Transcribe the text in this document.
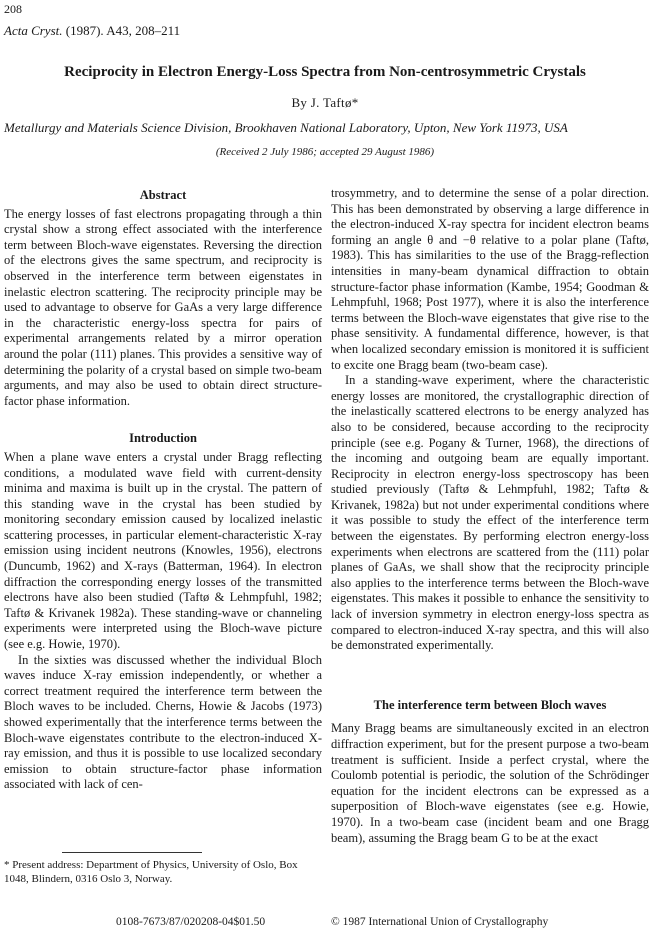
208
Acta Cryst. (1987). A43, 208–211
Reciprocity in Electron Energy-Loss Spectra from Non-centrosymmetric Crystals
By J. Taftø*
Metallurgy and Materials Science Division, Brookhaven National Laboratory, Upton, New York 11973, USA
(Received 2 July 1986; accepted 29 August 1986)
Abstract

The energy losses of fast electrons propagating through a thin crystal show a strong effect associated with the interference term between Bloch-wave eigenstates. Reversing the direction of the electrons gives the same spectrum, and reciprocity is observed in the interference term between eigenstates in inelastic electron scattering. The reciprocity principle may be used to advantage to observe for GaAs a very large difference in the characteristic energy-loss spectra for pairs of experimental arrangements related by a mirror operation around the polar (111) planes. This provides a sensitive way of determining the polarity of a crystal based on simple two-beam arguments, and may also be used to obtain direct structure-factor phase information.

Introduction

When a plane wave enters a crystal under Bragg reflecting conditions, a modulated wave field with current-density minima and maxima is built up in the crystal. The pattern of this standing wave in the crystal has been studied by monitoring secondary emission caused by localized inelastic scattering processes, in particular element-characteristic X-ray emission using incident neutrons (Knowles, 1956), electrons (Duncumb, 1962) and X-rays (Batterman, 1964). In electron diffraction the corresponding energy losses of the transmitted electrons have also been studied (Taftø & Lehmpfuhl, 1982; Taftø & Krivanek 1982a). These standing-wave or channeling experiments were interpreted using the Bloch-wave picture (see e.g. Howie, 1970).

In the sixties was discussed whether the individual Bloch waves induce X-ray emission independently, or whether a correct treatment required the interference term between the Bloch waves to be included. Cherns, Howie & Jacobs (1973) showed experimentally that the interference terms between the Bloch-wave eigenstates contribute to the electron-induced X-ray emission, and thus it is possible to use localized secondary emission to obtain structure-factor phase information associated with lack of cen-

trosymmetry, and to determine the sense of a polar direction. This has been demonstrated by observing a large difference in the electron-induced X-ray spectra for incident electron beams forming an angle θ and −θ relative to a polar plane (Taftø, 1983). This has similarities to the use of the Bragg-reflection intensities in many-beam dynamical diffraction to obtain structure-factor phase information (Kambe, 1954; Goodman & Lehmpfuhl, 1968; Post 1977), where it is also the interference terms between the Bloch-wave eigenstates that give rise to the phase sensitivity. A fundamental difference, however, is that when localized secondary emission is monitored it is sufficient to excite one Bragg beam (two-beam case).

In a standing-wave experiment, where the characteristic energy losses are monitored, the crystallographic direction of the inelastically scattered electrons to be energy analyzed has also to be considered, because according to the reciprocity principle (see e.g. Pogany & Turner, 1968), the directions of the incoming and outgoing beam are equally important. Reciprocity in electron energy-loss spectroscopy has been studied previously (Taftø & Lehmpfuhl, 1982; Taftø & Krivanek, 1982a) but not under experimental conditions where it was possible to study the effect of the interference term between the eigenstates. By performing electron energy-loss experiments when electrons are scattered from the (111) polar planes of GaAs, we shall show that the reciprocity principle also applies to the interference terms between the Bloch-wave eigenstates. This makes it possible to enhance the sensitivity to lack of inversion symmetry in electron energy-loss spectra as compared to electron-induced X-ray spectra, and this will also be demonstrated experimentally.

The interference term between Bloch waves

Many Bragg beams are simultaneously excited in an electron diffraction experiment, but for the present purpose a two-beam treatment is sufficient. Inside a perfect crystal, where the Coulomb potential is periodic, the solution of the Schrödinger equation for the incident electrons can be expressed as a superposition of Bloch-wave eigenstates (see e.g. Howie, 1970). In a two-beam case (incident beam and one Bragg beam), assuming the Bragg beam G to be at the exact

* Present address: Department of Physics, University of Oslo, Box 1048, Blindern, 0316 Oslo 3, Norway.
0108-7673/87/020208-04$01.50	© 1987 International Union of Crystallography
